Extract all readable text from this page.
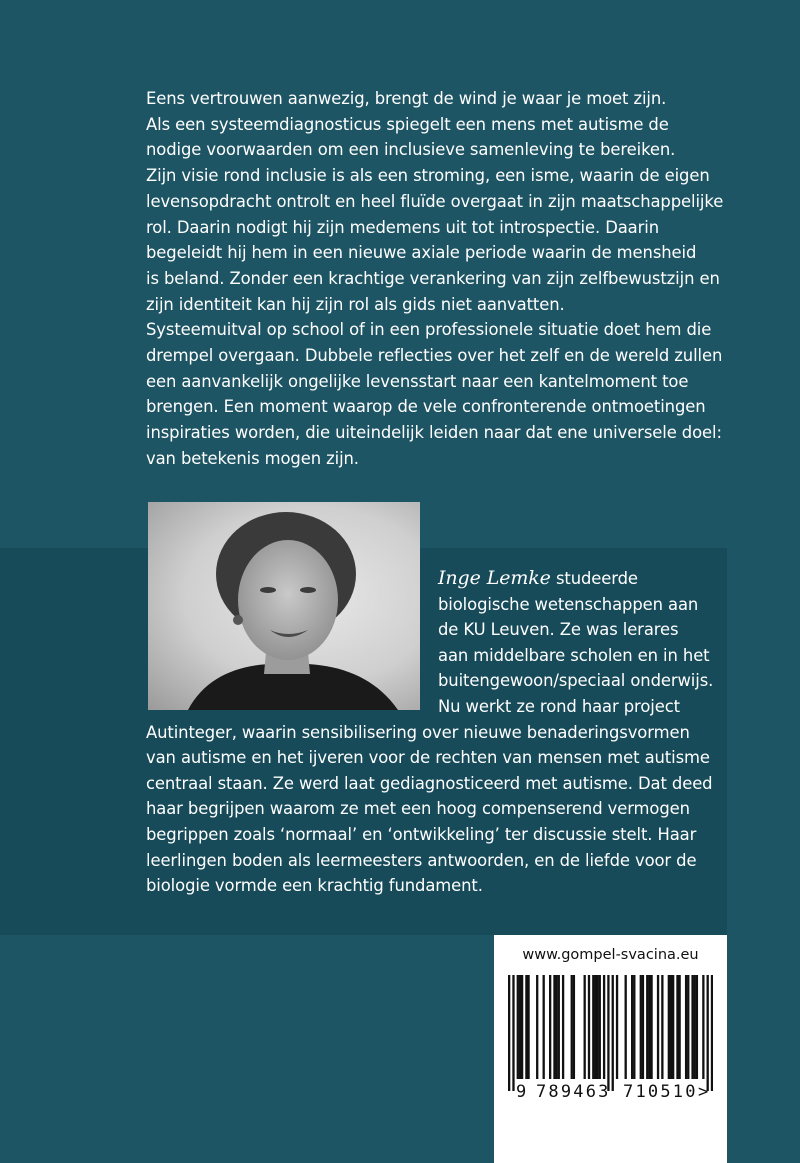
Eens vertrouwen aanwezig, brengt de wind je waar je moet zijn.

Als een systeemdiagnosticus spiegelt een mens met autisme de

nodige voorwaarden om een inclusieve samenleving te bereiken.

Zijn visie rond inclusie is als een stroming, een isme, waarin de eigen

levensopdracht ontrolt en heel fluïde overgaat in zijn maatschappelijke

rol. Daarin nodigt hij zijn medemens uit tot introspectie. Daarin

begeleidt hij hem in een nieuwe axiale periode waarin de mensheid

is beland. Zonder een krachtige verankering van zijn zelfbewustzijn en

zijn identiteit kan hij zijn rol als gids niet aanvatten.

Systeemuitval op school of in een professionele situatie doet hem die

drempel overgaan. Dubbele reflecties over het zelf en de wereld zullen

een aanvankelijk ongelijke levensstart naar een kantelmoment toe

brengen. Een moment waarop de vele confronterende ontmoetingen

inspiraties worden, die uiteindelijk leiden naar dat ene universele doel:

van betekenis mogen zijn.

Inge Lemke studeerde

biologische wetenschappen aan

de KU Leuven. Ze was lerares

aan middelbare scholen en in het

buitengewoon/speciaal onderwijs.

Nu werkt ze rond haar project

Autinteger, waarin sensibilisering over nieuwe benaderingsvormen

van autisme en het ijveren voor de rechten van mensen met autisme

centraal staan. Ze werd laat gediagnosticeerd met autisme. Dat deed

haar begrijpen waarom ze met een hoog compenserend vermogen

begrippen zoals ‘normaal’ en ‘ontwikkeling’ ter discussie stelt. Haar

leerlingen boden als leermeesters antwoorden, en de liefde voor de

biologie vormde een krachtig fundament.

www.gompel-svacina.eu
9 789463 710510 >
